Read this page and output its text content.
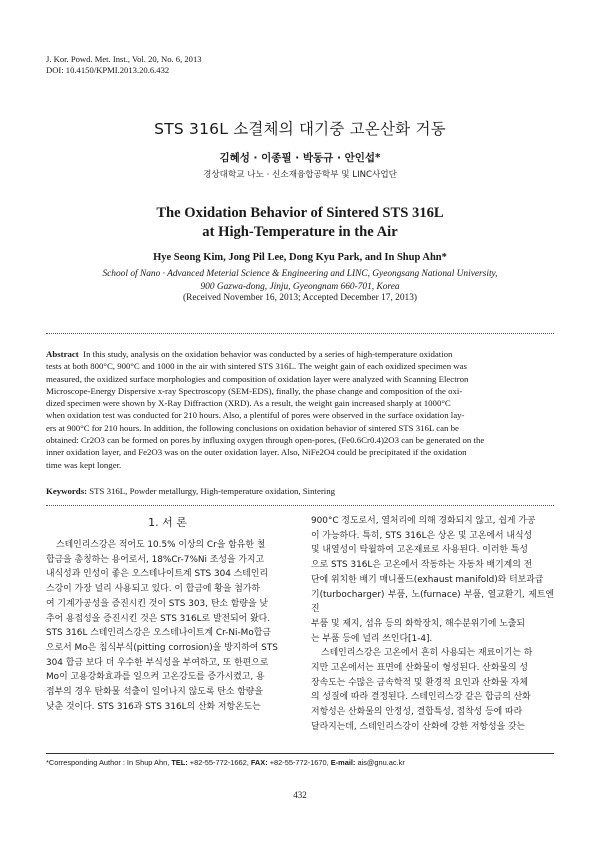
J. Kor. Powd. Met. Inst., Vol. 20, No. 6, 2013
DOI: 10.4150/KPMI.2013.20.6.432
STS 316L 소결체의 대기중 고온산화 거동
김혜성 · 이종필 · 박동규 · 안인섭*
경상대학교 나노 · 신소재융합공학부 및 LINC사업단
The Oxidation Behavior of Sintered STS 316L
at High-Temperature in the Air
Hye Seong Kim, Jong Pil Lee, Dong Kyu Park, and In Shup Ahn*
School of Nano · Advanced Meterial Science & Engineering and LINC, Gyeongsang National University,
900 Gazwa-dong, Jinju, Gyeongnam 660-701, Korea
(Received November 16, 2013; Accepted December 17, 2013)
Abstract In this study, analysis on the oxidation behavior was conducted by a series of high-temperature oxidation
tests at both 800°C, 900°C and 1000 in the air with sintered STS 316L. The weight gain of each oxidized specimen was
measured, the oxidized surface morphologies and composition of oxidation layer were analyzed with Scanning Electron
Microscope-Energy Dispersive x-ray Spectroscopy (SEM-EDS), finally, the phase change and composition of the oxi-
dized specimen were shown by X-Ray Diffraction (XRD). As a result, the weight gain increased sharply at 1000°C
when oxidation test was conducted for 210 hours. Also, a plentiful of pores were observed in the surface oxidation lay-
ers at 900°C for 210 hours. In addition, the following conclusions on oxidation behavior of sintered STS 316L can be
obtained: Cr2O3 can be formed on pores by influxing oxygen through open-pores, (Fe0.6Cr0.4)2O3 can be generated on the
inner oxidation layer, and Fe2O3 was on the outer oxidation layer. Also, NiFe2O4 could be precipitated if the oxidation
time was kept longer.
Keywords: STS 316L, Powder metallurgy, High-temperature oxidation, Sintering
1. 서 론
스테인리스강은 적어도 10.5% 이상의 Cr을 함유한 철
합금을 총칭하는 용어로서, 18%Cr-7%Ni 조성을 가지고
내식성과 인성이 좋은 오스테나이트계 STS 304 스테인리
스강이 가장 널리 사용되고 있다. 이 합금에 황을 첨가하
여 기계가공성을 증진시킨 것이 STS 303, 탄소 함량을 낮
추어 용접성을 증진시킨 것은 STS 316L로 발전되어 왔다.
STS 316L 스테인리스강은 오스테나이트계 Cr-Ni-Mo합금
으로서 Mo은 침식부식(pitting corrosion)을 방지하여 STS
304 합금 보다 더 우수한 부식성을 부여하고, 또 한편으로
Mo이 고용강화효과를 일으켜 고온강도를 증가시켰고, 용
접부의 경우 탄화물 석출이 일어나지 않도록 탄소 함량을
낮춘 것이다. STS 316과 STS 316L의 산화 저항온도는
900°C 정도로서, 열처리에 의해 경화되지 않고, 쉽게 가공
이 가능하다. 특히, STS 316L은 상온 및 고온에서 내식성
및 내열성이 탁월하여 고온재료로 사용된다. 이러한 특성
으로 STS 316L은 고온에서 작동하는 자동차 배기계의 전
단에 위치한 배기 매니폴드(exhaust manifold)와 터보과급
기(turbocharger) 부품, 노(furnace) 부품, 열교환기, 제트엔진
부품 및 제지, 섬유 등의 화학장치, 해수분위기에 노출되
는 부품 등에 널리 쓰인다[1-4].
스테인리스강은 고온에서 흔히 사용되는 재료이기는 하
지만 고온에서는 표면에 산화물이 형성된다. 산화물의 성
장속도는 수많은 금속학적 및 환경적 요인과 산화물 자체
의 성질에 따라 결정된다. 스테인리스강 같은 합금의 산화
저항성은 산화물의 안정성, 결합특성, 접착성 등에 따라
달라지는데, 스테인리스강이 산화에 강한 저항성을 갖는
*Corresponding Author : In Shup Ahn, TEL: +82-55-772-1662, FAX: +82-55-772-1670, E-mail: ais@gnu.ac.kr
432
